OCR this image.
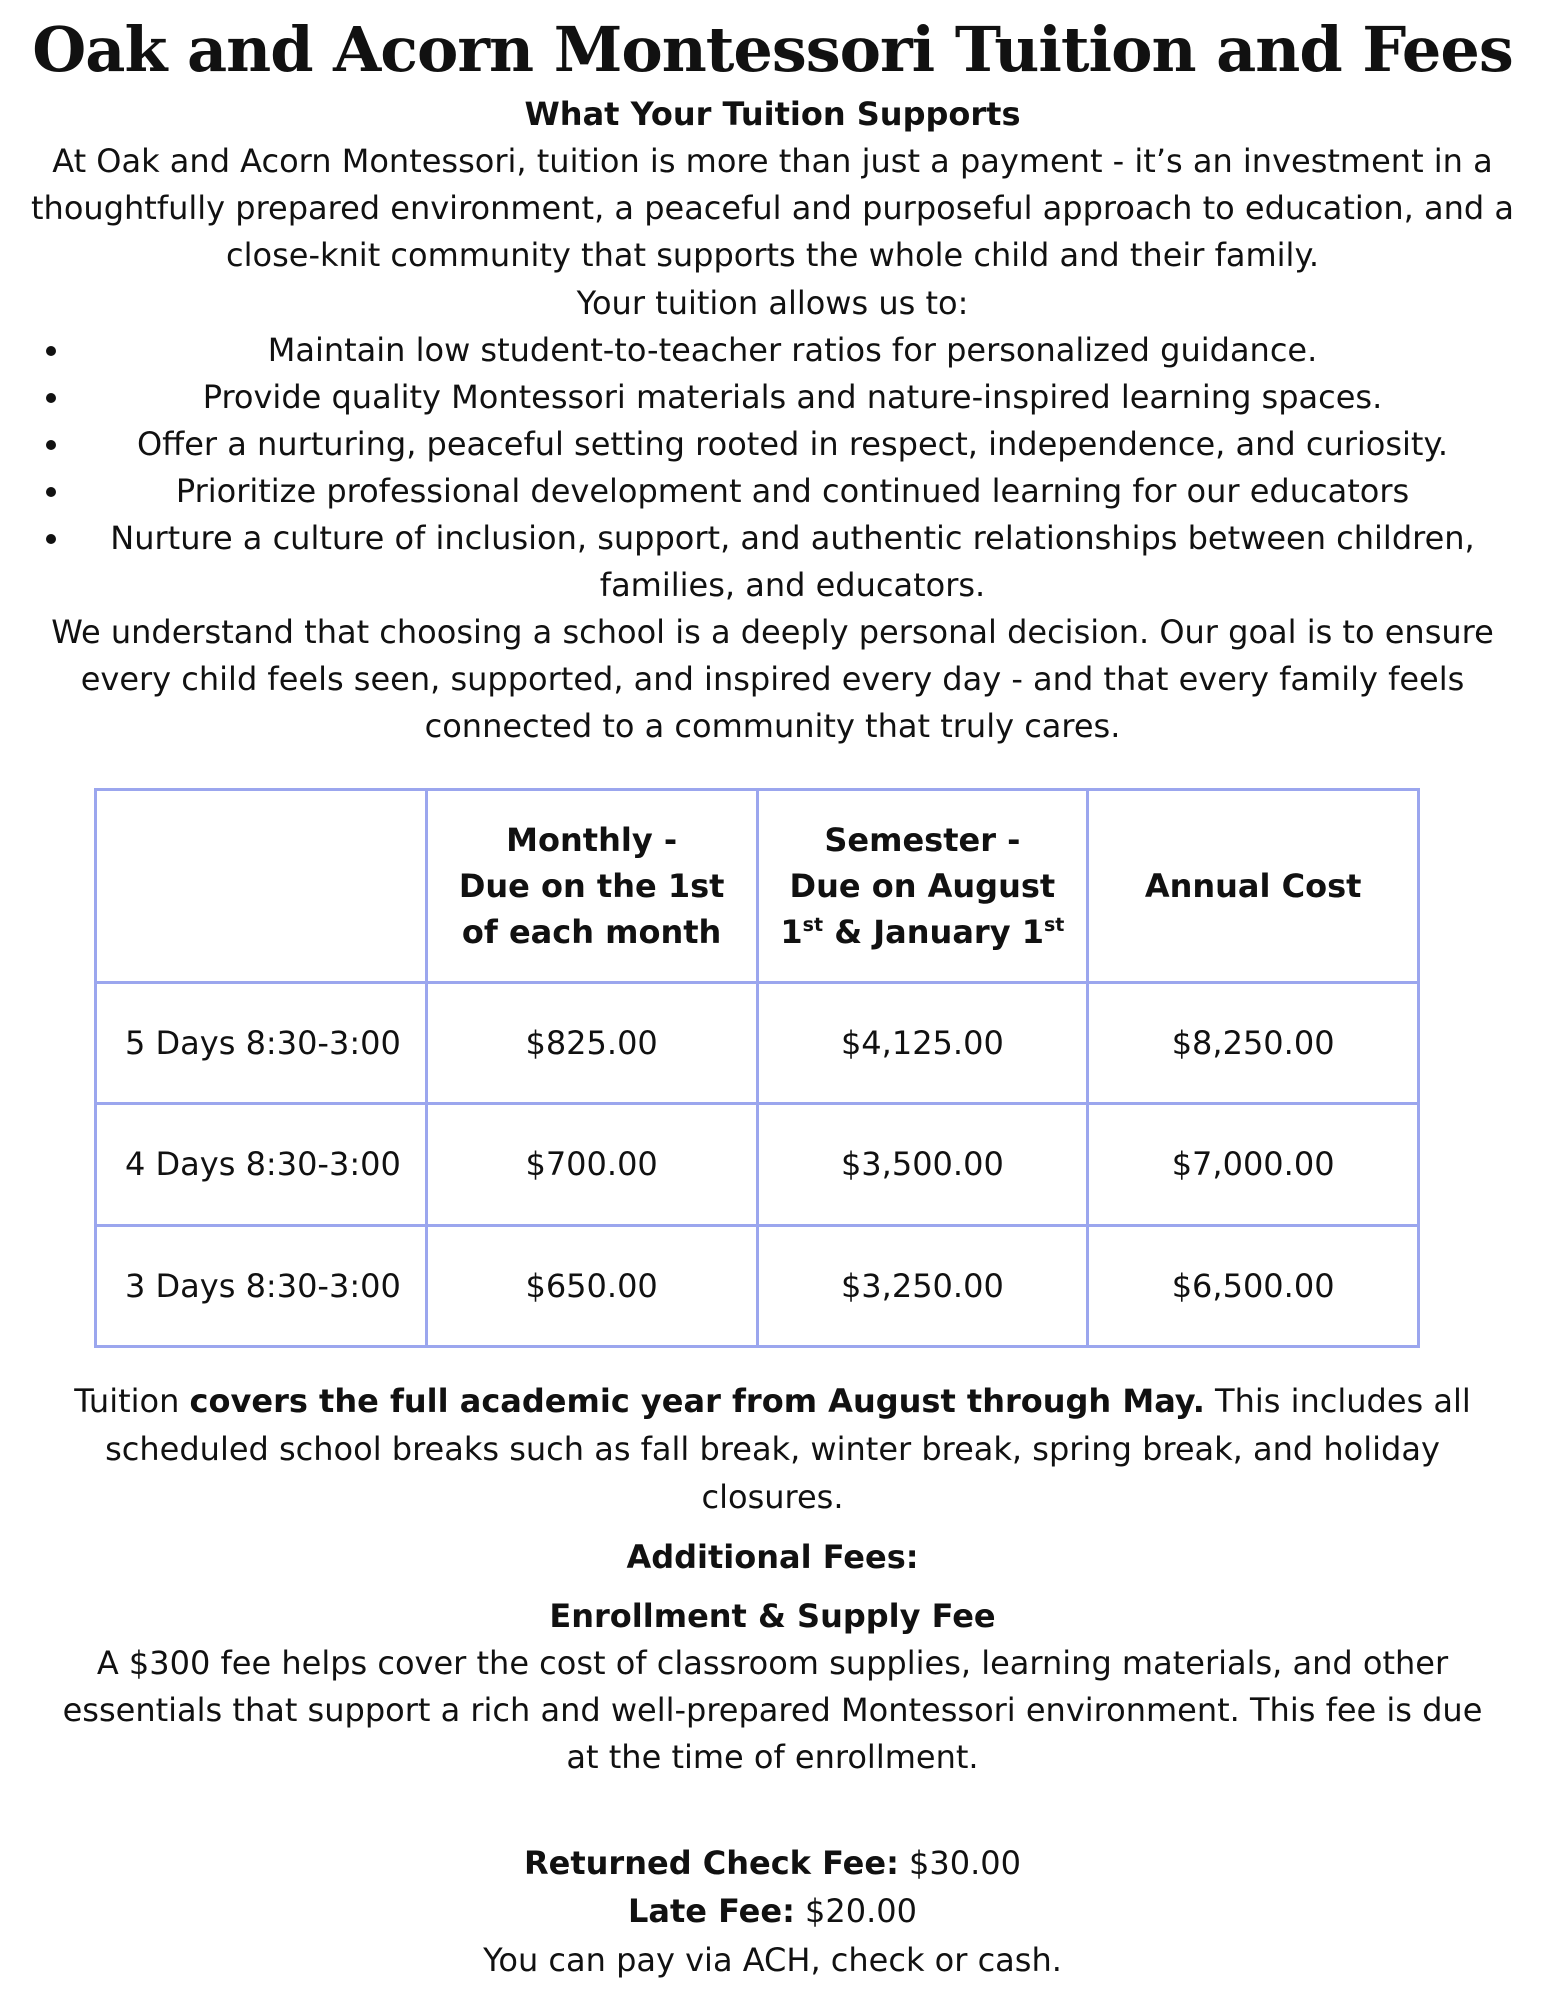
Oak and Acorn Montessori Tuition and Fees

What Your Tuition Supports

At Oak and Acorn Montessori, tuition is more than just a payment - it’s an investment in a thoughtfully prepared environment, a peaceful and purposeful approach to education, and a close-knit community that supports the whole child and their family.

Your tuition allows us to:

Maintain low student-to-teacher ratios for personalized guidance.
Provide quality Montessori materials and nature-inspired learning spaces.
Offer a nurturing, peaceful setting rooted in respect, independence, and curiosity.
Prioritize professional development and continued learning for our educators
Nurture a culture of inclusion, support, and authentic relationships between children, families, and educators.

We understand that choosing a school is a deeply personal decision. Our goal is to ensure every child feels seen, supported, and inspired every day - and that every family feels connected to a community that truly cares.

	Monthly -
Due on the 1st of each month	Semester -
Due on August
1st & January 1st	Annual Cost
5 Days 8:30-3:00	$825.00	$4,125.00	$8,250.00
4 Days 8:30-3:00	$700.00	$3,500.00	$7,000.00
3 Days 8:30-3:00	$650.00	$3,250.00	$6,500.00

Tuition covers the full academic year from August through May. This includes all scheduled school breaks such as fall break, winter break, spring break, and holiday closures.

Additional Fees:

Enrollment & Supply Fee

A $300 fee helps cover the cost of classroom supplies, learning materials, and other essentials that support a rich and well-prepared Montessori environment. This fee is due at the time of enrollment.

Returned Check Fee: $30.00

Late Fee: $20.00

You can pay via ACH, check or cash.
